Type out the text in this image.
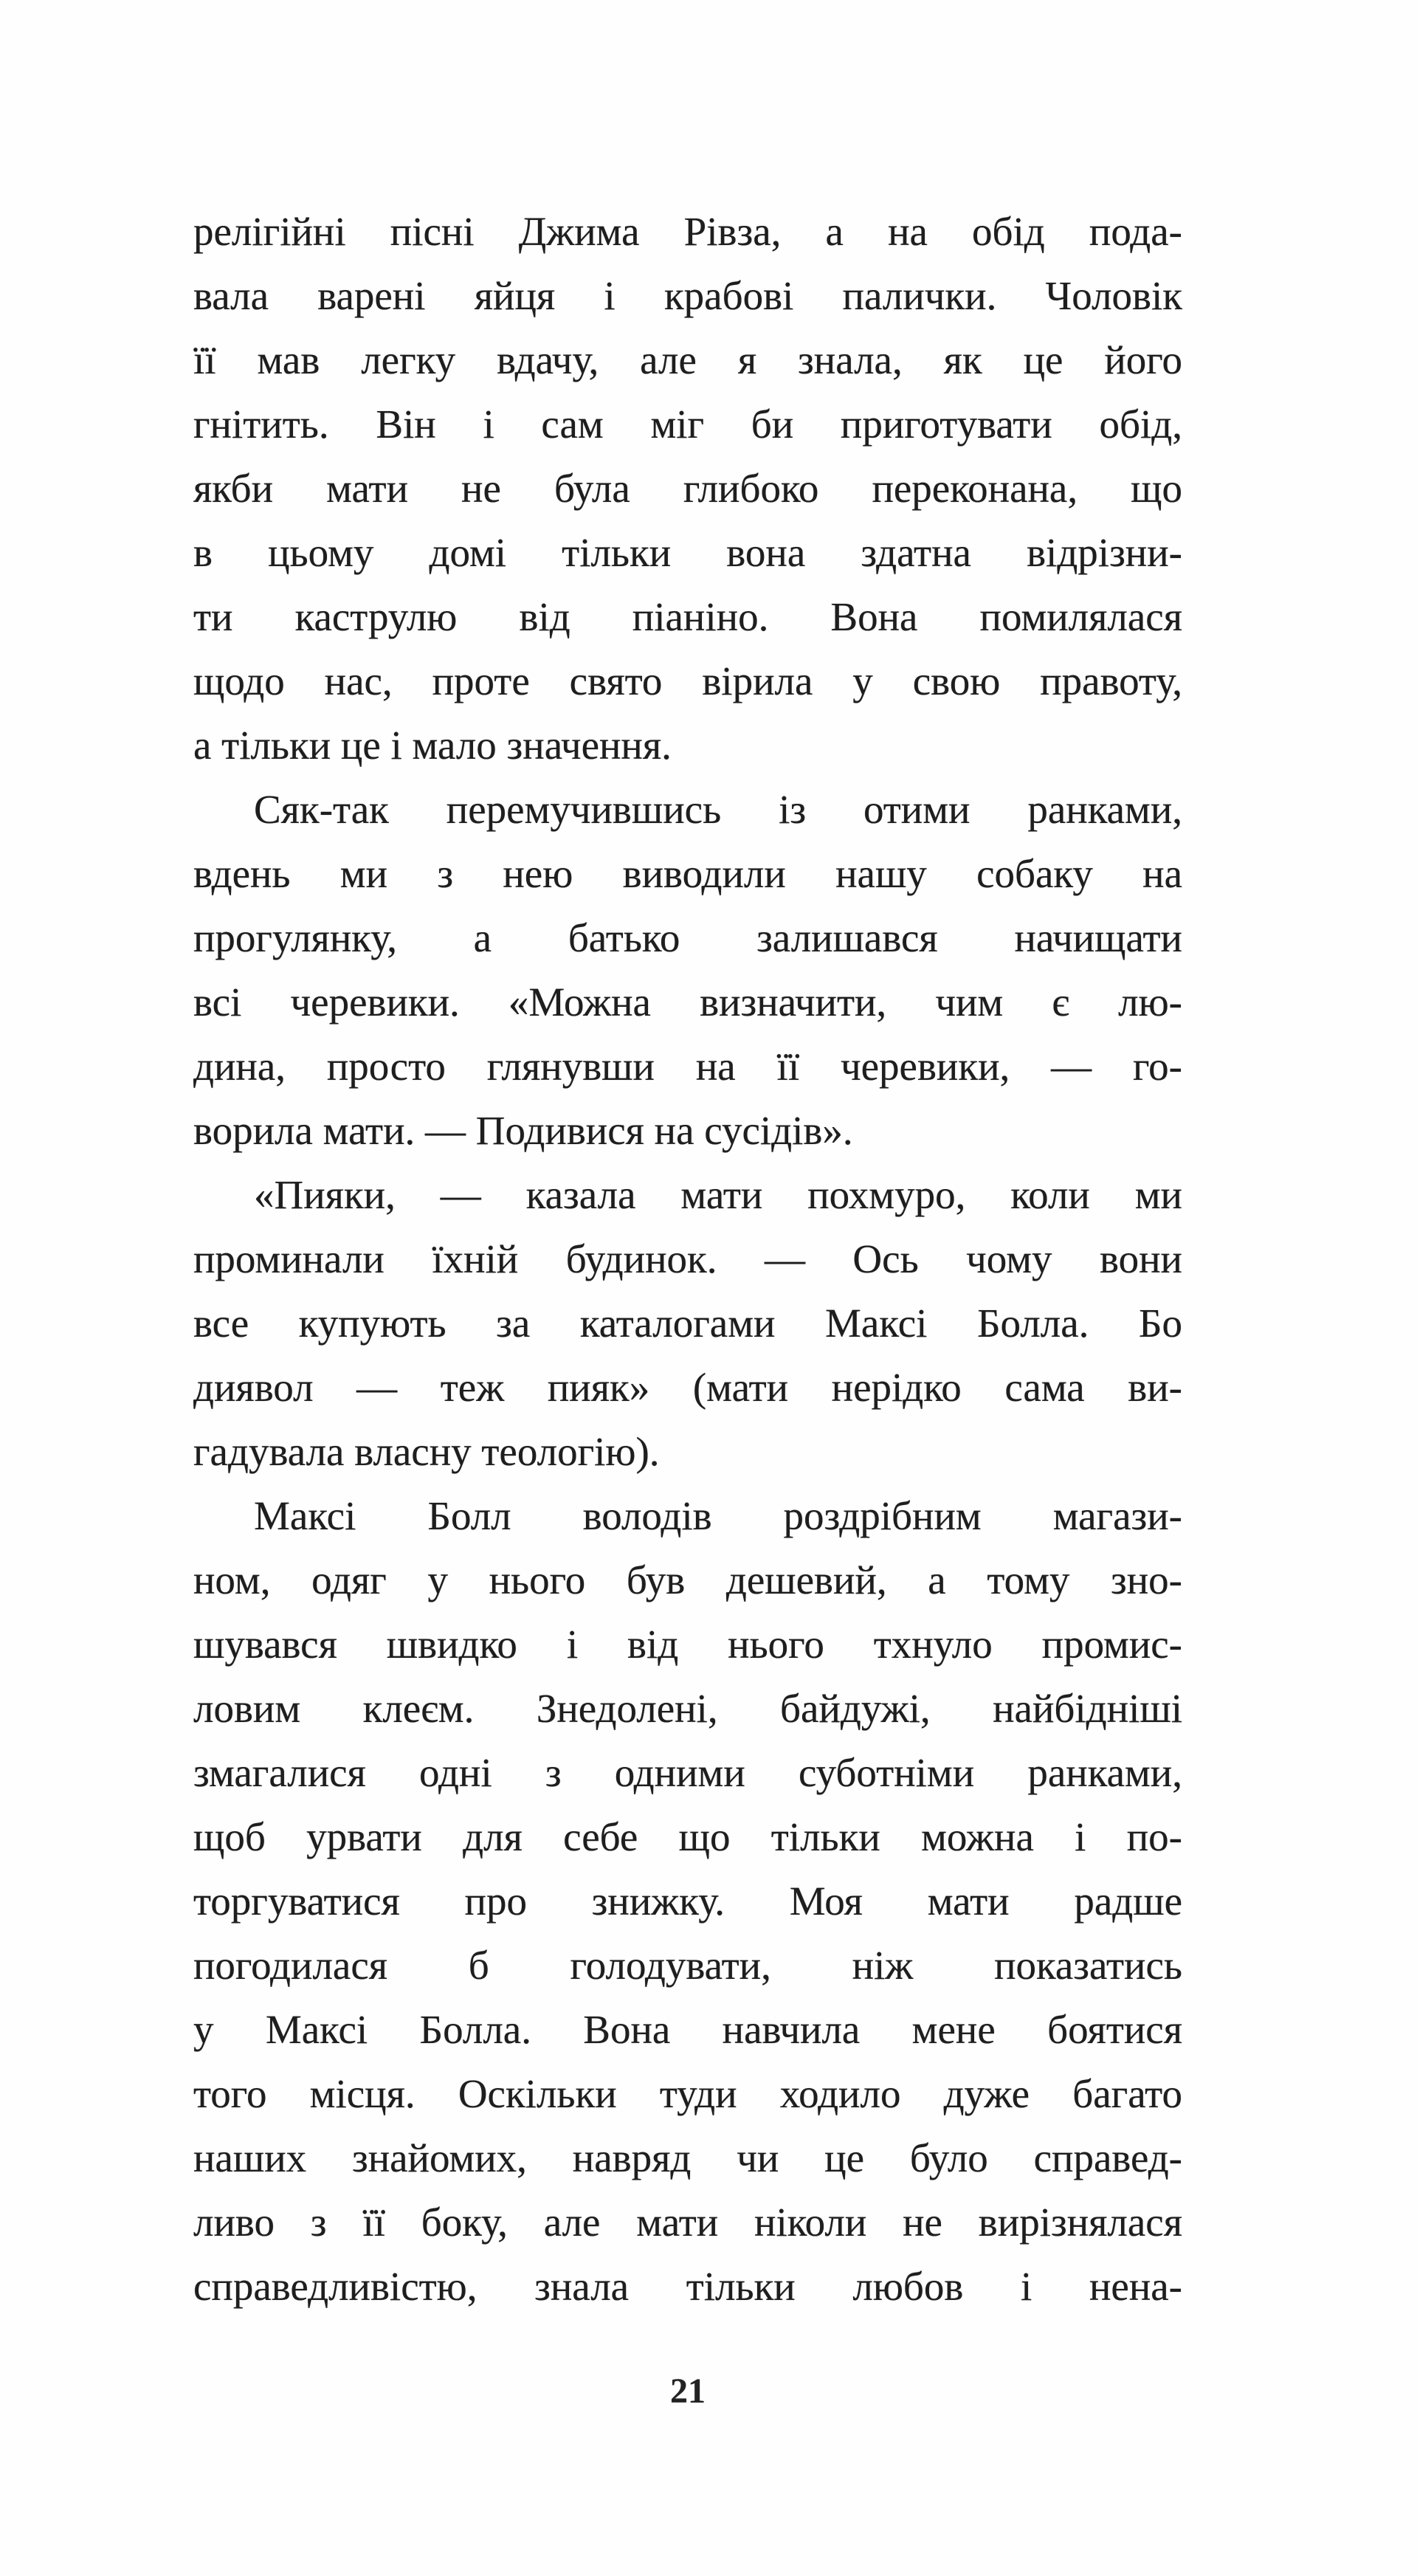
релігійні пісні Джима Рівза, а на обід пода-
вала варені яйця і крабові палички. Чоловік
її мав легку вдачу, але я знала, як це його
гнітить. Він і сам міг би приготувати обід,
якби мати не була глибоко переконана, що
в цьому домі тільки вона здатна відрізни-
ти каструлю від піаніно. Вона помилялася
щодо нас, проте свято вірила у свою правоту,
а тільки це і мало значення.
Сяк-так перемучившись із отими ранками,
вдень ми з нею виводили нашу собаку на
прогулянку, а батько залишався начищати
всі черевики. «Можна визначити, чим є лю-
дина, просто глянувши на її черевики, — го-
ворила мати. — Подивися на сусідів».
«Пияки, — казала мати похмуро, коли ми
проминали їхній будинок. — Ось чому вони
все купують за каталогами Максі Болла. Бо
диявол — теж пияк» (мати нерідко сама ви-
гадувала власну теологію).
Максі Болл володів роздрібним магази-
ном, одяг у нього був дешевий, а тому зно-
шувався швидко і від нього тхнуло промис-
ловим клеєм. Знедолені, байдужі, найбідніші
змагалися одні з одними суботніми ранками,
щоб урвати для себе що тільки можна і по-
торгуватися про знижку. Моя мати радше
погодилася б голодувати, ніж показатись
у Максі Болла. Вона навчила мене боятися
того місця. Оскільки туди ходило дуже багато
наших знайомих, навряд чи це було справед-
ливо з її боку, але мати ніколи не вирізнялася
справедливістю, знала тільки любов і нена-
21
